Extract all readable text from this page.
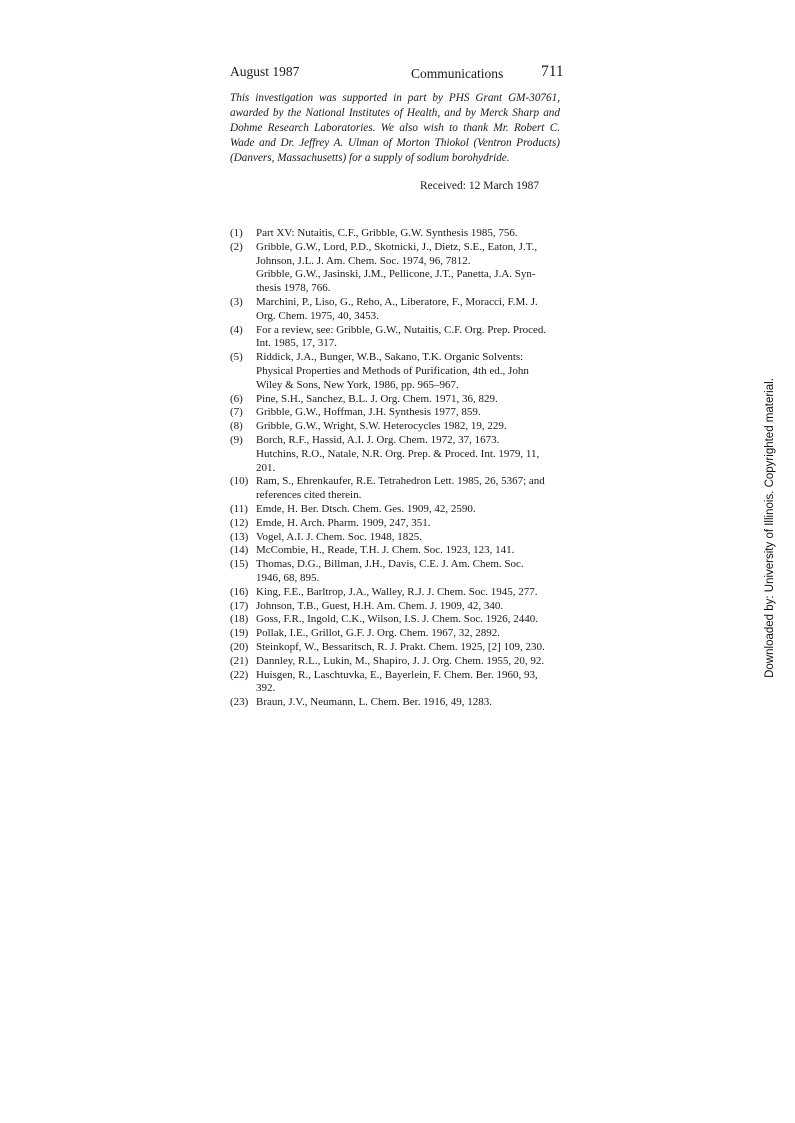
August 1987	Communications 711
This investigation was supported in part by PHS Grant GM-30761, awarded by the National Institutes of Health, and by Merck Sharp and Dohme Research Laboratories. We also wish to thank Mr. Robert C. Wade and Dr. Jeffrey A. Ulman of Morton Thiokol (Ventron Products) (Danvers, Massachusetts) for a supply of sodium borohydride.
Received: 12 March 1987
(1)	Part XV: Nutaitis, C.F., Gribble, G.W. Synthesis 1985, 756.
(2)	Gribble, G.W., Lord, P.D., Skotnicki, J., Dietz, S.E., Eaton, J.T.,
Johnson, J.L. J. Am. Chem. Soc. 1974, 96, 7812.
Gribble, G.W., Jasinski, J.M., Pellicone, J.T., Panetta, J.A. Syn-
thesis 1978, 766.
(3)	Marchini, P., Liso, G., Reho, A., Liberatore, F., Moracci, F.M. J.
Org. Chem. 1975, 40, 3453.
(4)	For a review, see: Gribble, G.W., Nutaitis, C.F. Org. Prep. Proced.
Int. 1985, 17, 317.
(5)	Riddick, J.A., Bunger, W.B., Sakano, T.K. Organic Solvents:
Physical Properties and Methods of Purification, 4th ed., John
Wiley & Sons, New York, 1986, pp. 965–967.
(6)	Pine, S.H., Sanchez, B.L. J. Org. Chem. 1971, 36, 829.
(7)	Gribble, G.W., Hoffman, J.H. Synthesis 1977, 859.
(8)	Gribble, G.W., Wright, S.W. Heterocycles 1982, 19, 229.
(9)	Borch, R.F., Hassid, A.I. J. Org. Chem. 1972, 37, 1673.
Hutchins, R.O., Natale, N.R. Org. Prep. & Proced. Int. 1979, 11,
201.
(10) Ram, S., Ehrenkaufer, R.E. Tetrahedron Lett. 1985, 26, 5367; and
references cited therein.
(11) Emde, H. Ber. Dtsch. Chem. Ges. 1909, 42, 2590.
(12) Emde, H. Arch. Pharm. 1909, 247, 351.
(13) Vogel, A.I. J. Chem. Soc. 1948, 1825.
(14) McCombie, H., Reade, T.H. J. Chem. Soc. 1923, 123, 141.
(15) Thomas, D.G., Billman, J.H., Davis, C.E. J. Am. Chem. Soc.
1946, 68, 895.
(16) King, F.E., Barltrop, J.A., Walley, R.J. J. Chem. Soc. 1945, 277.
(17) Johnson, T.B., Guest, H.H. Am. Chem. J. 1909, 42, 340.
(18) Goss, F.R., Ingold, C.K., Wilson, I.S. J. Chem. Soc. 1926, 2440.
(19) Pollak, I.E., Grillot, G.F. J. Org. Chem. 1967, 32, 2892.
(20) Steinkopf, W., Bessaritsch, R. J. Prakt. Chem. 1925, [2] 109, 230.
(21) Dannley, R.L., Lukin, M., Shapiro, J. J. Org. Chem. 1955, 20, 92.
(22) Huisgen, R., Laschtuvka, E., Bayerlein, F. Chem. Ber. 1960, 93,
392.
(23) Braun, J.V., Neumann, L. Chem. Ber. 1916, 49, 1283.
Downloaded by: University of Illinois. Copyrighted material.
